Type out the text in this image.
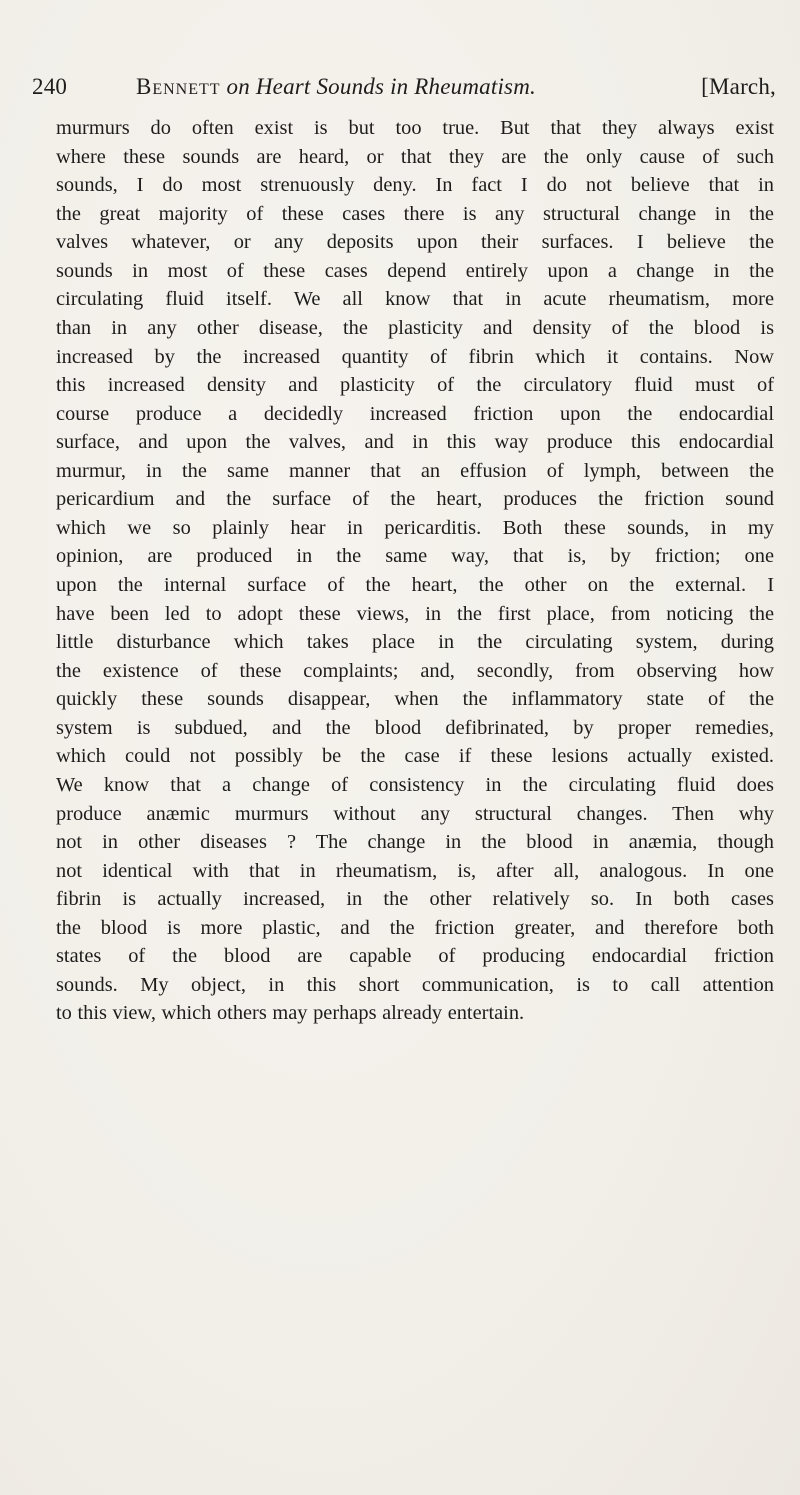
240	Bennett on Heart Sounds in Rheumatism.	[March,
murmurs do often exist is but too true. But that they always exist
where these sounds are heard, or that they are the only cause of such
sounds, I do most strenuously deny. In fact I do not believe that in
the great majority of these cases there is any structural change in the
valves whatever, or any deposits upon their surfaces. I believe the
sounds in most of these cases depend entirely upon a change in the
circulating fluid itself. We all know that in acute rheumatism, more
than in any other disease, the plasticity and density of the blood is
increased by the increased quantity of fibrin which it contains. Now
this increased density and plasticity of the circulatory fluid must of
course produce a decidedly increased friction upon the endocardial
surface, and upon the valves, and in this way produce this endocardial
murmur, in the same manner that an effusion of lymph, between the
pericardium and the surface of the heart, produces the friction sound
which we so plainly hear in pericarditis. Both these sounds, in my
opinion, are produced in the same way, that is, by friction; one
upon the internal surface of the heart, the other on the external. I
have been led to adopt these views, in the first place, from noticing the
little disturbance which takes place in the circulating system, during
the existence of these complaints; and, secondly, from observing how
quickly these sounds disappear, when the inflammatory state of the
system is subdued, and the blood defibrinated, by proper remedies,
which could not possibly be the case if these lesions actually existed.
We know that a change of consistency in the circulating fluid does
produce anæmic murmurs without any structural changes. Then why
not in other diseases ? The change in the blood in anæmia, though
not identical with that in rheumatism, is, after all, analogous. In one
fibrin is actually increased, in the other relatively so. In both cases
the blood is more plastic, and the friction greater, and therefore both
states of the blood are capable of producing endocardial friction
sounds. My object, in this short communication, is to call attention
to this view, which others may perhaps already entertain.
